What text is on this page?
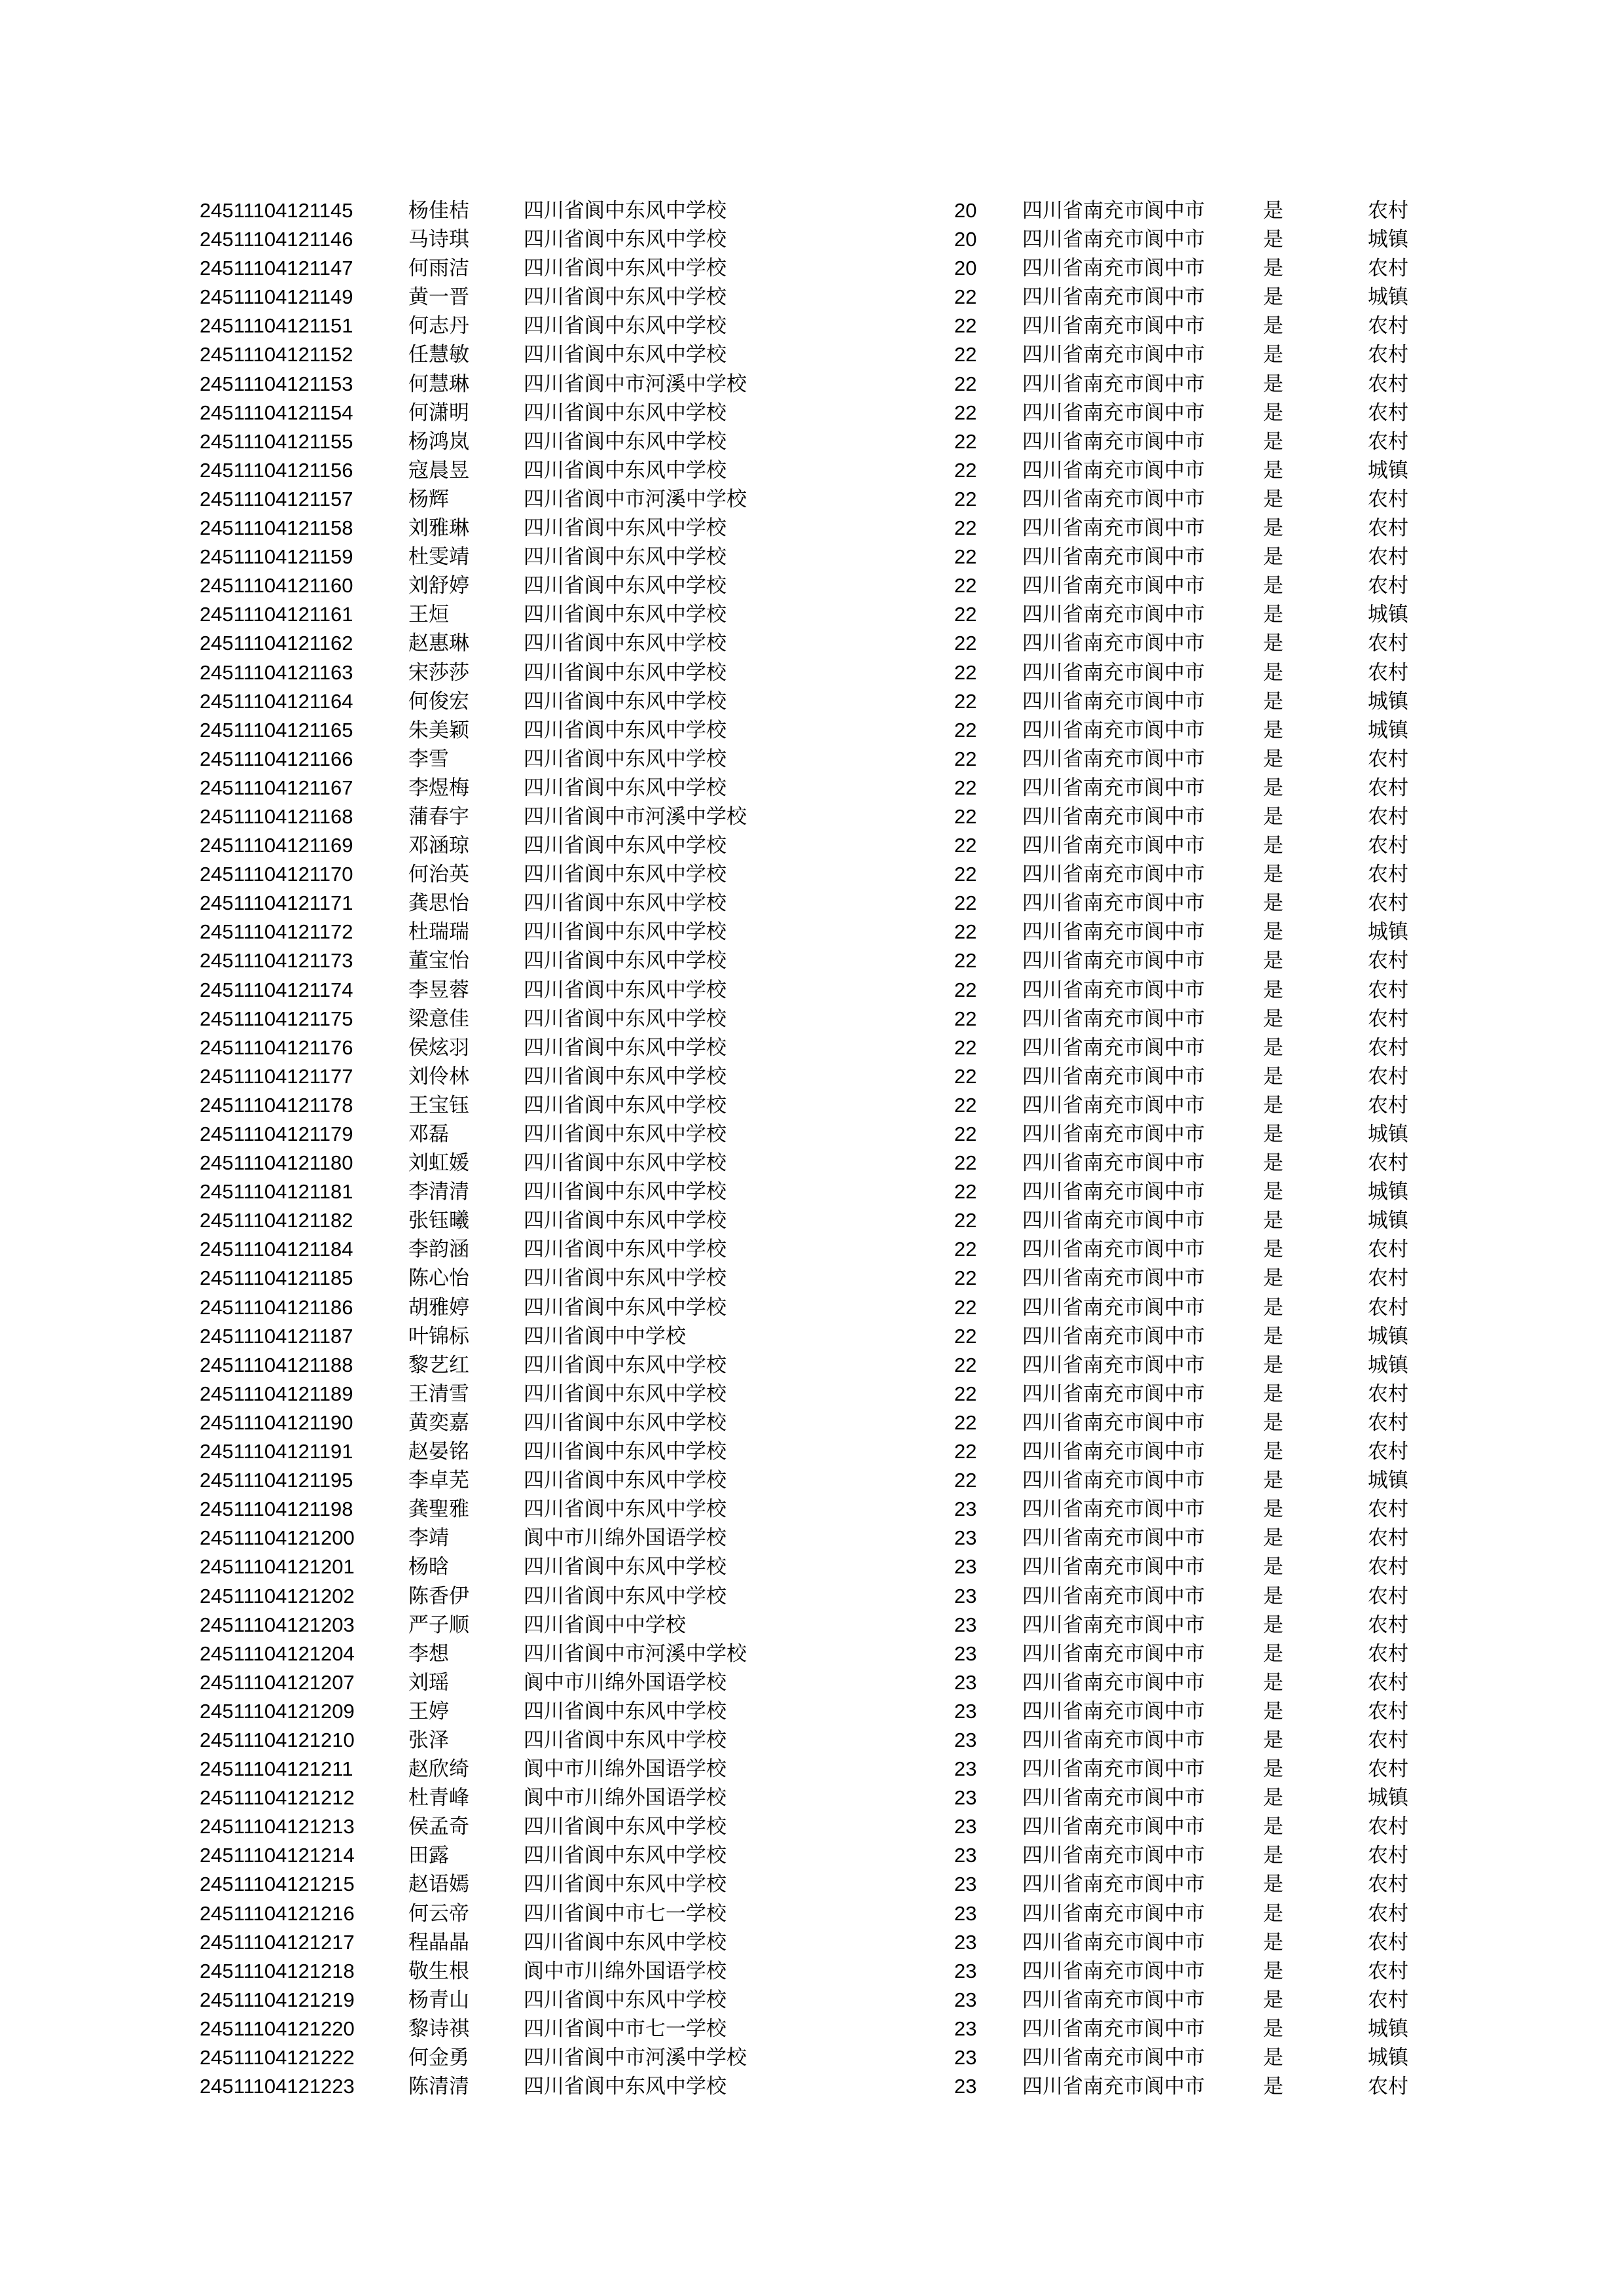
24511104121145	杨佳桔	四川省阆中东风中学校	20 四川省南充市阆中市	是	农村
24511104121146	马诗琪	四川省阆中东风中学校	20 四川省南充市阆中市	是	城镇
24511104121147	何雨洁	四川省阆中东风中学校	20 四川省南充市阆中市	是	农村
24511104121149	黄一晋	四川省阆中东风中学校	22 四川省南充市阆中市	是	城镇
24511104121151	何志丹	四川省阆中东风中学校	22 四川省南充市阆中市	是	农村
24511104121152	任慧敏	四川省阆中东风中学校	22 四川省南充市阆中市	是	农村
24511104121153	何慧琳	四川省阆中市河溪中学校	22 四川省南充市阆中市	是	农村
24511104121154	何潇明	四川省阆中东风中学校	22 四川省南充市阆中市	是	农村
24511104121155	杨鸿岚	四川省阆中东风中学校	22 四川省南充市阆中市	是	农村
24511104121156	寇晨昱	四川省阆中东风中学校	22 四川省南充市阆中市	是	城镇
24511104121157	杨辉	四川省阆中市河溪中学校	22 四川省南充市阆中市	是	农村
24511104121158	刘雅琳	四川省阆中东风中学校	22 四川省南充市阆中市	是	农村
24511104121159	杜雯靖	四川省阆中东风中学校	22 四川省南充市阆中市	是	农村
24511104121160	刘舒婷	四川省阆中东风中学校	22 四川省南充市阆中市	是	农村
24511104121161	王烜	四川省阆中东风中学校	22 四川省南充市阆中市	是	城镇
24511104121162	赵惠琳	四川省阆中东风中学校	22 四川省南充市阆中市	是	农村
24511104121163	宋莎莎	四川省阆中东风中学校	22 四川省南充市阆中市	是	农村
24511104121164	何俊宏	四川省阆中东风中学校	22 四川省南充市阆中市	是	城镇
24511104121165	朱美颖	四川省阆中东风中学校	22 四川省南充市阆中市	是	城镇
24511104121166	李雪	四川省阆中东风中学校	22 四川省南充市阆中市	是	农村
24511104121167	李煜梅	四川省阆中东风中学校	22 四川省南充市阆中市	是	农村
24511104121168	蒲春宇	四川省阆中市河溪中学校	22 四川省南充市阆中市	是	农村
24511104121169	邓涵琼	四川省阆中东风中学校	22 四川省南充市阆中市	是	农村
24511104121170	何治英	四川省阆中东风中学校	22 四川省南充市阆中市	是	农村
24511104121171	龚思怡	四川省阆中东风中学校	22 四川省南充市阆中市	是	农村
24511104121172	杜瑞瑞	四川省阆中东风中学校	22 四川省南充市阆中市	是	城镇
24511104121173	董宝怡	四川省阆中东风中学校	22 四川省南充市阆中市	是	农村
24511104121174	李昱蓉	四川省阆中东风中学校	22 四川省南充市阆中市	是	农村
24511104121175	梁意佳	四川省阆中东风中学校	22 四川省南充市阆中市	是	农村
24511104121176	侯炫羽	四川省阆中东风中学校	22 四川省南充市阆中市	是	农村
24511104121177	刘伶林	四川省阆中东风中学校	22 四川省南充市阆中市	是	农村
24511104121178	王宝钰	四川省阆中东风中学校	22 四川省南充市阆中市	是	农村
24511104121179	邓磊	四川省阆中东风中学校	22 四川省南充市阆中市	是	城镇
24511104121180	刘虹媛	四川省阆中东风中学校	22 四川省南充市阆中市	是	农村
24511104121181	李清清	四川省阆中东风中学校	22 四川省南充市阆中市	是	城镇
24511104121182	张钰曦	四川省阆中东风中学校	22 四川省南充市阆中市	是	城镇
24511104121184	李韵涵	四川省阆中东风中学校	22 四川省南充市阆中市	是	农村
24511104121185	陈心怡	四川省阆中东风中学校	22 四川省南充市阆中市	是	农村
24511104121186	胡雅婷	四川省阆中东风中学校	22 四川省南充市阆中市	是	农村
24511104121187	叶锦标	四川省阆中中学校	22 四川省南充市阆中市	是	城镇
24511104121188	黎艺红	四川省阆中东风中学校	22 四川省南充市阆中市	是	城镇
24511104121189	王清雪	四川省阆中东风中学校	22 四川省南充市阆中市	是	农村
24511104121190	黄奕嘉	四川省阆中东风中学校	22 四川省南充市阆中市	是	农村
24511104121191	赵晏铭	四川省阆中东风中学校	22 四川省南充市阆中市	是	农村
24511104121195	李卓芜	四川省阆中东风中学校	22 四川省南充市阆中市	是	城镇
24511104121198	龚聖雅	四川省阆中东风中学校	23 四川省南充市阆中市	是	农村
24511104121200	李靖	阆中市川绵外国语学校	23 四川省南充市阆中市	是	农村
24511104121201	杨晗	四川省阆中东风中学校	23 四川省南充市阆中市	是	农村
24511104121202	陈香伊	四川省阆中东风中学校	23 四川省南充市阆中市	是	农村
24511104121203	严子顺	四川省阆中中学校	23 四川省南充市阆中市	是	农村
24511104121204	李想	四川省阆中市河溪中学校	23 四川省南充市阆中市	是	农村
24511104121207	刘瑶	阆中市川绵外国语学校	23 四川省南充市阆中市	是	农村
24511104121209	王婷	四川省阆中东风中学校	23 四川省南充市阆中市	是	农村
24511104121210	张泽	四川省阆中东风中学校	23 四川省南充市阆中市	是	农村
24511104121211	赵欣绮	阆中市川绵外国语学校	23 四川省南充市阆中市	是	农村
24511104121212	杜青峰	阆中市川绵外国语学校	23 四川省南充市阆中市	是	城镇
24511104121213	侯孟奇	四川省阆中东风中学校	23 四川省南充市阆中市	是	农村
24511104121214	田露	四川省阆中东风中学校	23 四川省南充市阆中市	是	农村
24511104121215	赵语嫣	四川省阆中东风中学校	23 四川省南充市阆中市	是	农村
24511104121216	何云帝	四川省阆中市七一学校	23 四川省南充市阆中市	是	农村
24511104121217	程晶晶	四川省阆中东风中学校	23 四川省南充市阆中市	是	农村
24511104121218	敬生根	阆中市川绵外国语学校	23 四川省南充市阆中市	是	农村
24511104121219	杨青山	四川省阆中东风中学校	23 四川省南充市阆中市	是	农村
24511104121220	黎诗祺	四川省阆中市七一学校	23 四川省南充市阆中市	是	城镇
24511104121222	何金勇	四川省阆中市河溪中学校	23 四川省南充市阆中市	是	城镇
24511104121223	陈清清	四川省阆中东风中学校	23 四川省南充市阆中市	是	农村
